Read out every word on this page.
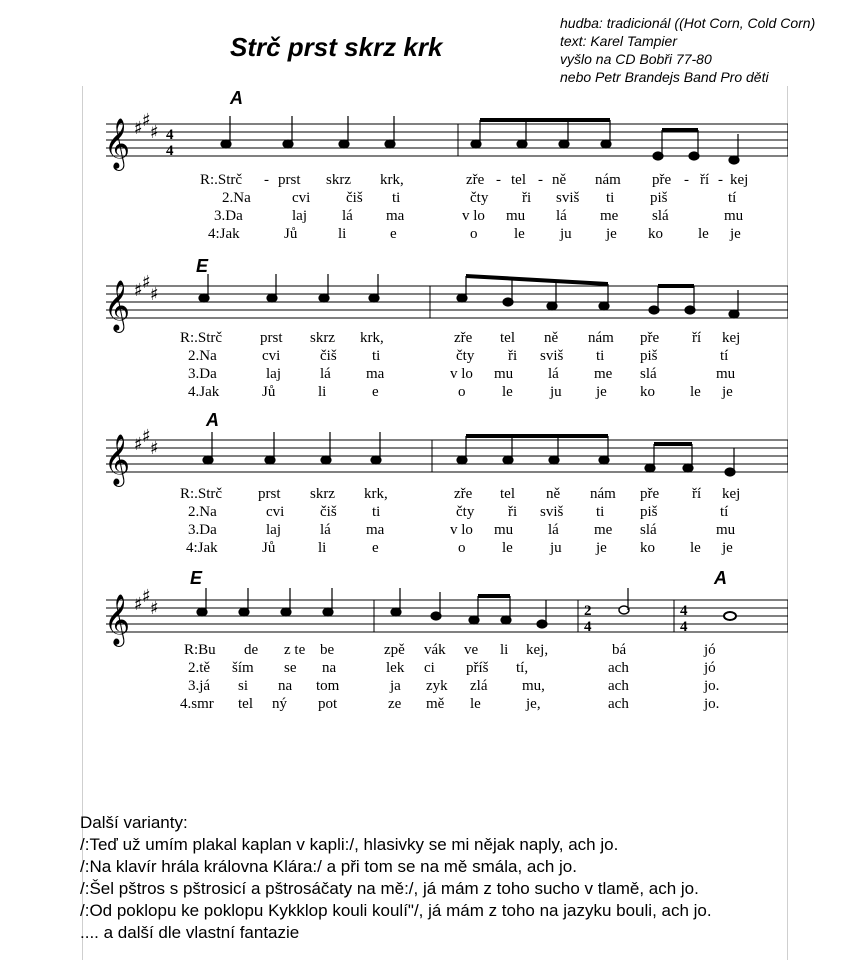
Strč prst skrz krk
hudba: tradicionál ((Hot Corn, Cold Corn)
text: Karel Tampier
vyšlo na CD Bobři 77-80
nebo Petr Brandejs Band Pro děti
A
𝄞 ♯ ♯
♯ 4
4
R:.Strč prst skrz krk,	zře tel ně nám pře ří kej
2.Na	cvi čiš ti	čty ři sviš ti piš	tí
3.Da	laj lá ma	v lo mu lá me slá	mu
4:Jak	Jů	li	e	o le ju je ko le je
E
𝄞 ♯ ♯
♯
R:.Strč	prst skrz krk,	zře tel ně nám pře ří kej
2.Na	cvi	čiš ti	čty ři sviš ti piš	tí
3.Da	laj	lá ma	v lo mu lá me slá	mu
4.Jak	Jů	li	e	o le ju je ko le je
A
𝄞 ♯ ♯
♯
R:.Strč prst skrz krk,	zře tel ně nám pře ří kej
2.Na	cvi čiš ti	čty ři sviš ti piš	tí
3.Da	laj	lá ma	v lo mu lá me slá	mu
4:Jak	Jů	li	e	o le ju je ko le je
E	A
𝄞 ♯ ♯
♯	2
4
4
4
R:Bu de z te be	zpě vák ve li kej,	bá	jó
2.tě ším se na	lek ci příš tí,	ach	jó
3.já si na tom	ja zyk zlá mu,	ach	jo.
4.smr tel ný pot	ze mě le	je,	ach	jo.
-	- -	- -
Další varianty:
/:Teď už umím plakal kaplan v kapli:/, hlasivky se mi nějak naply, ach jo.
/:Na klavír hrála královna Klára:/ a při tom se na mě smála, ach jo.
/:Šel pštros s pštrosicí a pštrosáčaty na mě:/, já mám z toho sucho v tlamě, ach jo.
/:Od poklopu ke poklopu Kykklop kouli koulí"/, já mám z toho na jazyku bouli, ach jo.
.... a další dle vlastní fantazie
